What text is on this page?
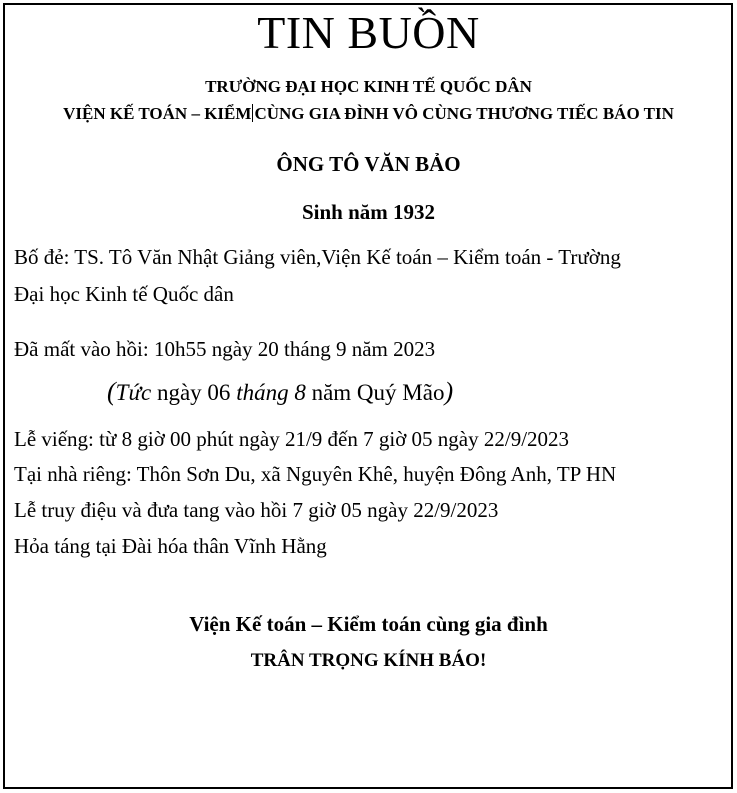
TIN BUỒN
TRƯỜNG ĐẠI HỌC KINH TẾ QUỐC DÂN
VIỆN KẾ TOÁN – KIỂM CÙNG GIA ĐÌNH VÔ CÙNG THƯƠNG TIẾC BÁO TIN
ÔNG TÔ VĂN BẢO
Sinh năm 1932
Bố đẻ: TS. Tô Văn Nhật Giảng viên,Viện Kế toán – Kiểm toán - Trường
Đại học Kinh tế Quốc dân
Đã mất vào hồi: 10h55 ngày 20 tháng 9 năm 2023
(Tức ngày 06 tháng 8 năm Quý Mão)
Lễ viếng: từ 8 giờ 00 phút ngày 21/9 đến 7 giờ 05 ngày 22/9/2023
Tại nhà riêng: Thôn Sơn Du, xã Nguyên Khê, huyện Đông Anh, TP HN
Lễ truy điệu và đưa tang vào hồi 7 giờ 05 ngày 22/9/2023
Hỏa táng tại Đài hóa thân Vĩnh Hằng
Viện Kế toán – Kiểm toán cùng gia đình
TRÂN TRỌNG KÍNH BÁO!
